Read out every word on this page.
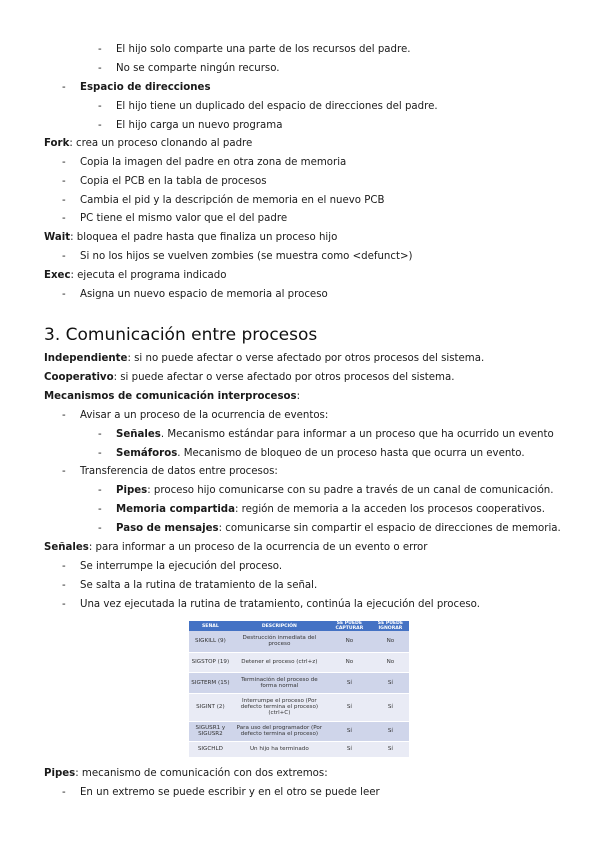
- El hijo solo comparte una parte de los recursos del padre.
- No se comparte ningún recurso.
- Espacio de direcciones
- El hijo tiene un duplicado del espacio de direcciones del padre.
- El hijo carga un nuevo programa
Fork: crea un proceso clonando al padre
- Copia la imagen del padre en otra zona de memoria
- Copia el PCB en la tabla de procesos
- Cambia el pid y la descripción de memoria en el nuevo PCB
- PC tiene el mismo valor que el del padre
Wait: bloquea el padre hasta que finaliza un proceso hijo
- Si no los hijos se vuelven zombies (se muestra como <defunct>)
Exec: ejecuta el programa indicado
- Asigna un nuevo espacio de memoria al proceso
3. Comunicación entre procesos
Independiente: si no puede afectar o verse afectado por otros procesos del sistema.
Cooperativo: si puede afectar o verse afectado por otros procesos del sistema.
Mecanismos de comunicación interprocesos:
- Avisar a un proceso de la ocurrencia de eventos:
- Señales. Mecanismo estándar para informar a un proceso que ha ocurrido un evento
- Semáforos. Mecanismo de bloqueo de un proceso hasta que ocurra un evento.
- Transferencia de datos entre procesos:
- Pipes: proceso hijo comunicarse con su padre a través de un canal de comunicación.
- Memoria compartida: región de memoria a la acceden los procesos cooperativos.
- Paso de mensajes: comunicarse sin compartir el espacio de direcciones de memoria.
Señales: para informar a un proceso de la ocurrencia de un evento o error
- Se interrumpe la ejecución del proceso.
- Se salta a la rutina de tratamiento de la señal.
- Una vez ejecutada la rutina de tratamiento, continúa la ejecución del proceso.
SEÑAL	DESCRIPCIÓN	SE PUEDE CAPTURAR	SE PUEDE IGNORAR
SIGKILL (9)	Destrucción inmediata del proceso	No	No
SIGSTOP (19)	Detener el proceso (ctrl+z)	No	No
SIGTERM (15)	Terminación del proceso de forma normal	Sí	Sí
SIGINT (2)	Interrumpe el proceso (Por defecto termina el proceso) (ctrl+C)	Sí	Sí
SIGUSR1 y SIGUSR2	Para uso del programador (Por defecto termina el proceso)	Sí	Sí
SIGCHLD	Un hijo ha terminado	Sí	Sí
Pipes: mecanismo de comunicación con dos extremos:
- En un extremo se puede escribir y en el otro se puede leer
